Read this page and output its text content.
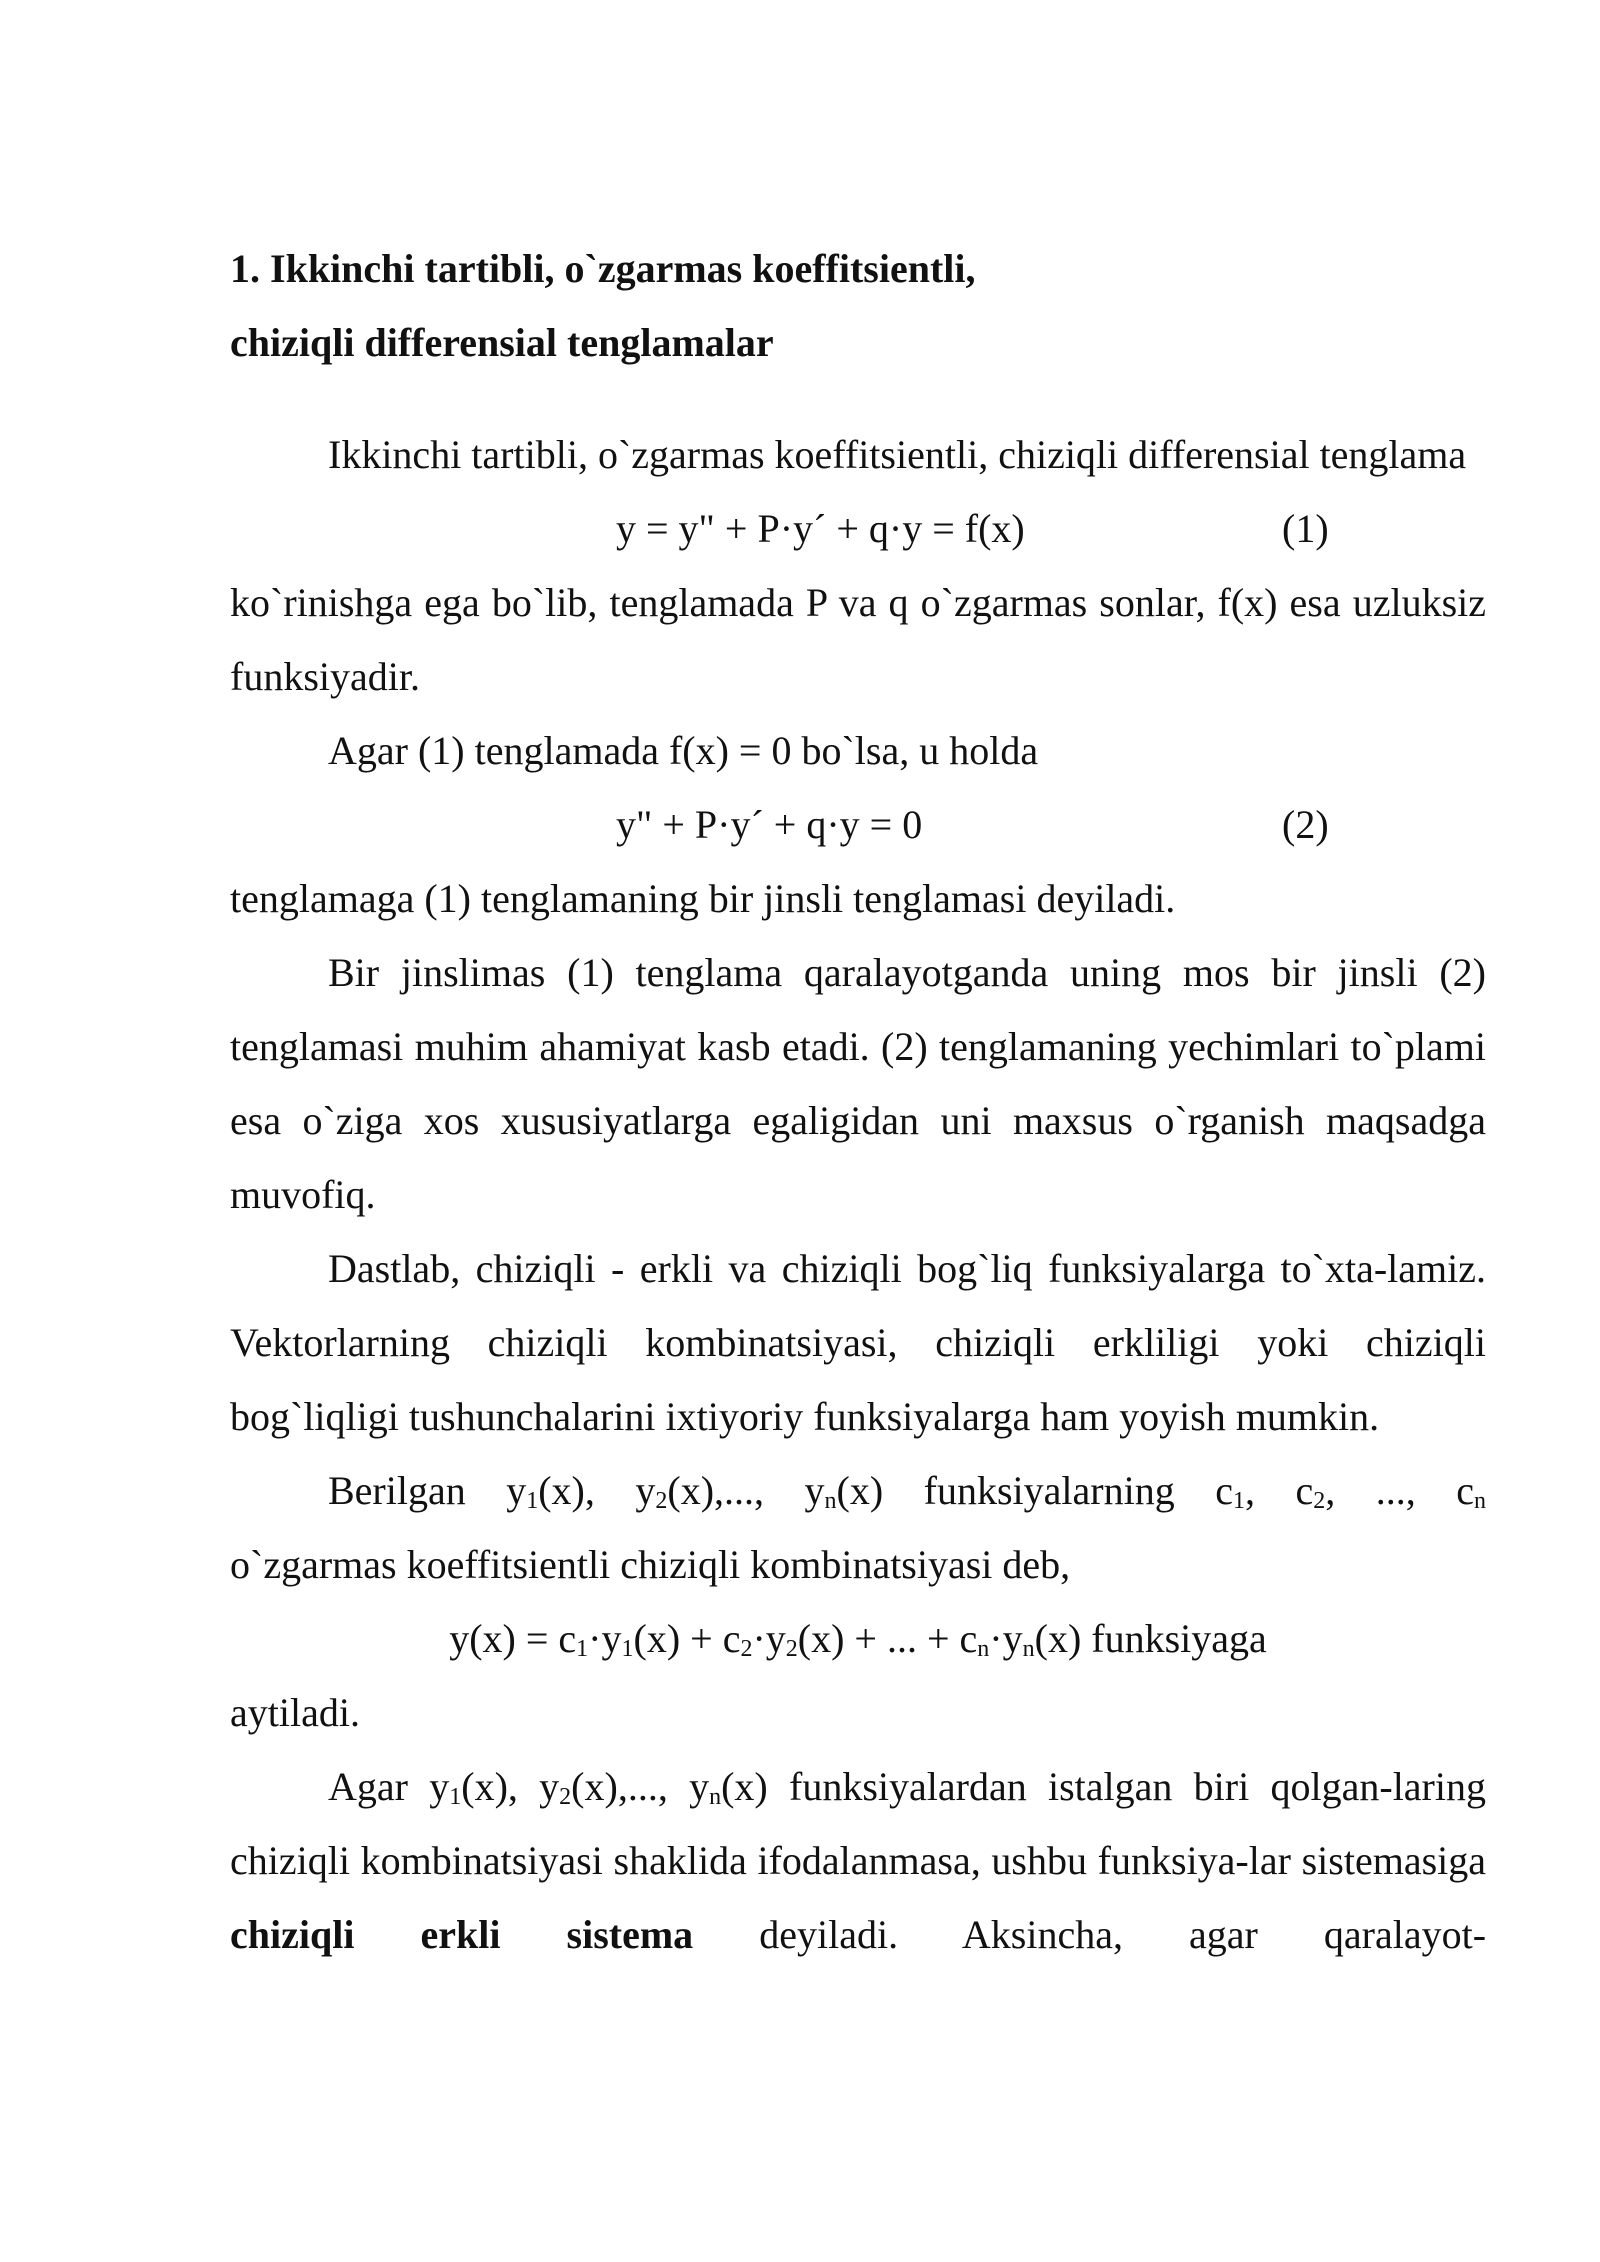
1. Ikkinchi tartibli, o`zgarmas koeffitsientli,

chiziqli differensial tenglamalar

Ikkinchi tartibli, o`zgarmas koeffitsientli, chiziqli differensial tenglama

y = y" + P·y´ + q·y = f(x)	(1)

ko`rinishga ega bo`lib, tenglamada P va q o`zgarmas sonlar, f(x) esa uzluksiz funksiyadir.

Agar (1) tenglamada f(x) = 0 bo`lsa, u holda

y" + P·y´ + q·y = 0	(2)

tenglamaga (1) tenglamaning bir jinsli tenglamasi deyiladi.

Bir jinslimas (1) tenglama qaralayotganda uning mos bir jinsli (2) tenglamasi muhim ahamiyat kasb etadi. (2) tenglamaning yechimlari to`plami esa o`ziga xos xususiyatlarga egaligidan uni maxsus o`rganish maqsadga muvofiq.

Dastlab, chiziqli - erkli va chiziqli bog`liq funksiyalarga to`xta-lamiz. Vektorlarning chiziqli kombinatsiyasi, chiziqli erkliligi yoki chiziqli bog`liqligi tushunchalarini ixtiyoriy funksiyalarga ham yoyish mumkin.

Berilgan $y_1(x)$, $y_2(x)$,..., $y_n(x)$ funksiyalarning $c_1$, $c_2$, ..., $c_n$

o`zgarmas koeffitsientli chiziqli kombinatsiyasi deb,

$y(x) = c_1\cdot y_1(x) + c_2\cdot y_2(x)$ + ... + $c_n\cdot y_n(x)$ funksiyaga

aytiladi.

Agar $y_1(x)$, $y_2(x)$,..., $y_n(x)$ funksiyalardan istalgan biri qolgan-laring chiziqli kombinatsiyasi shaklida ifodalanmasa, ushbu funksiya-lar sistemasiga chiziqli erkli sistema deyiladi. Aksincha, agar qaralayot-
